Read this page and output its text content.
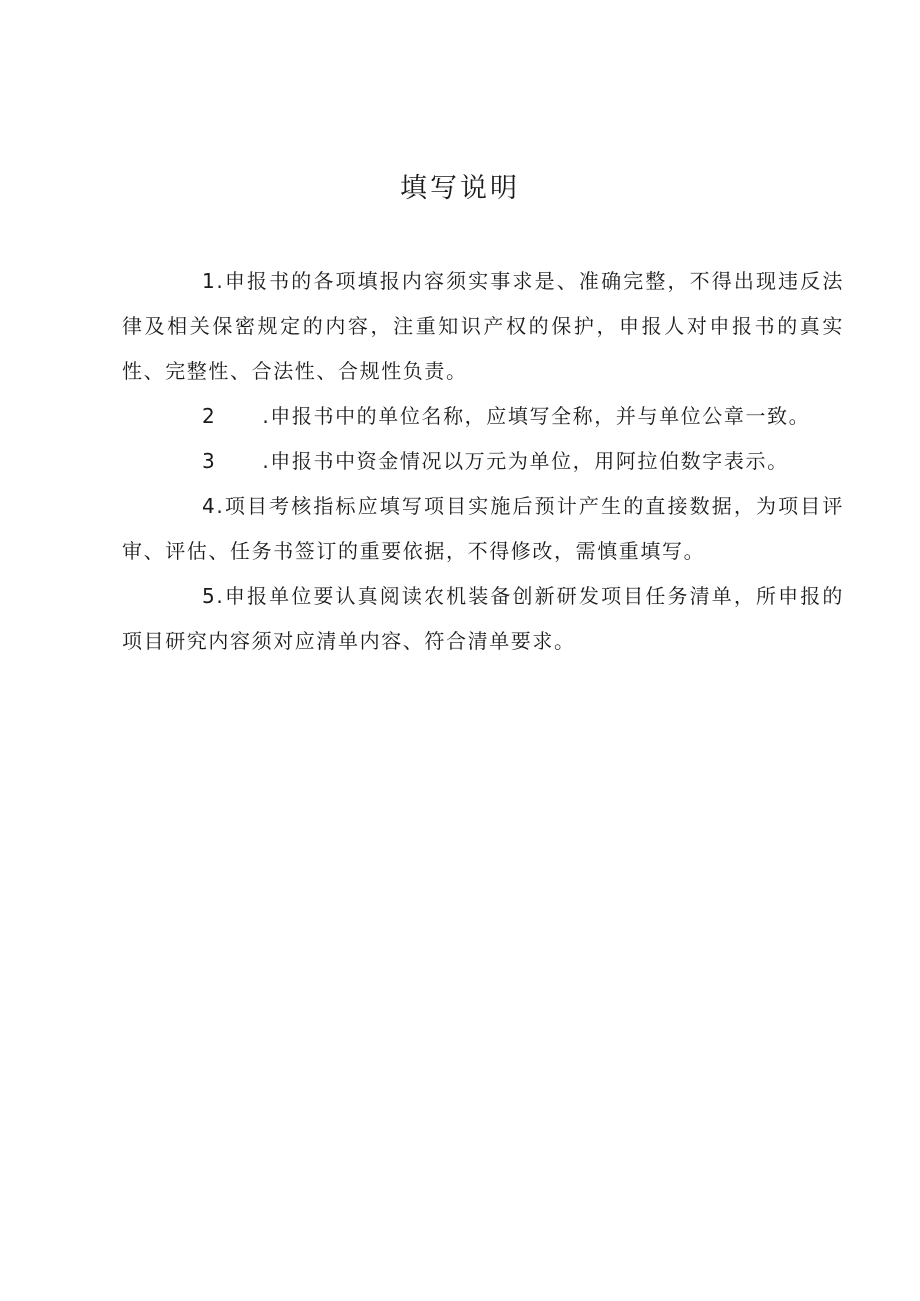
填写说明

1.申报书的各项填报内容须实事求是、准确完整，不得出现违反法律及相关保密规定的内容，注重知识产权的保护，申报人对申报书的真实性、完整性、合法性、合规性负责。

2 .申报书中的单位名称，应填写全称，并与单位公章一致。

3 .申报书中资金情况以万元为单位，用阿拉伯数字表示。

4.项目考核指标应填写项目实施后预计产生的直接数据，为项目评审、评估、任务书签订的重要依据，不得修改，需慎重填写。

5.申报单位要认真阅读农机装备创新研发项目任务清单，所申报的项目研究内容须对应清单内容、符合清单要求。
